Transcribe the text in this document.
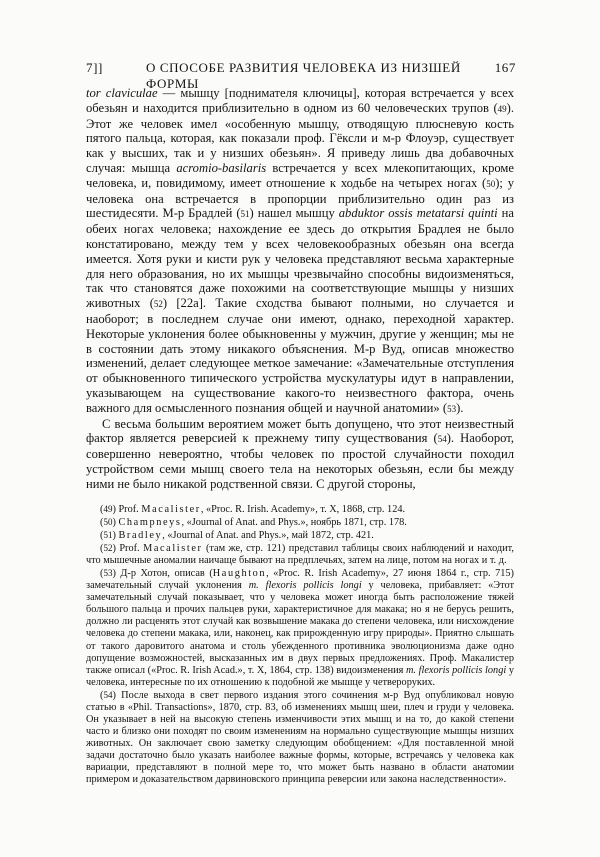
7]]	О СПОСОБЕ РАЗВИТИЯ ЧЕЛОВЕКА ИЗ НИЗШЕЙ ФОРМЫ
167

tor claviculae — мышцу [поднимателя ключицы], которая встречается у всех обезьян и находится приблизительно в одном из 60 человеческих трупов (49). Этот же человек имел «особенную мышцу, отводящую плюсневую кость пятого пальца, которая, как показали проф. Гёксли и м-р Флоуэр, существует как у высших, так и у низших обезьян». Я приведу лишь два добавочных случая: мышца acromio-basilaris встречается у всех млекопитающих, кроме человека, и, повидимому, имеет отношение к ходьбе на четырех ногах (50); у человека она встречается в пропорции приблизительно один раз из шестидесяти. М-р Брадлей (51) нашел мышцу abduktor ossis metatarsi quinti на обеих ногах человека; нахождение ее здесь до открытия Брадлея не было констатировано, между тем у всех человекообразных обезьян она всегда имеется. Хотя руки и кисти рук у человека представляют весьма характерные для него образования, но их мышцы чрезвычайно способны видоизменяться, так что становятся даже похожими на соответствующие мышцы у низших животных (52) [22а]. Такие сходства бывают полными, но случается и наоборот; в последнем случае они имеют, однако, переходной характер. Некоторые уклонения более обыкновенны у мужчин, другие у женщин; мы не в состоянии дать этому никакого объяснения. М-р Вуд, описав множество изменений, делает следующее меткое замечание: «Замечательные отступления от обыкновенного типического устройства мускулатуры идут в направлении, указывающем на существование какого-то неизвестного фактора, очень важного для осмысленного познания общей и научной анатомии» (53).

С весьма большим вероятием может быть допущено, что этот неизвестный фактор является реверсией к прежнему типу существования (54). Наоборот, совершенно невероятно, чтобы человек по простой случайности походил устройством семи мышц своего тела на некоторых обезьян, если бы между ними не было никакой родственной связи. С другой стороны,

(49) Prof. Macalister, «Proc. R. Irish. Academy», т. X, 1868, стр. 124.

(50) Champneys, «Journal of Anat. and Phys.», ноябрь 1871, стр. 178.

(51) Bradley, «Journal of Anat. and Phys.», май 1872, стр. 421.

(52) Prof. Macalister (там же, стр. 121) представил таблицы своих наблюдений и находит, что мышечные аномалии наичаще бывают на предплечьях, затем на лице, потом на ногах и т. д.

(53) Д-р Хотон, описав (Haughton, «Proc. R. Irish Academy», 27 июня 1864 г., стр. 715) замечательный случай уклонения m. flexoris pollicis longi у человека, прибавляет: «Этот замечательный случай показывает, что у человека может иногда быть расположение тяжей большого пальца и прочих пальцев руки, характеристичное для макака; но я не берусь решить, должно ли расценять этот случай как возвышение макака до степени человека, или нисхождение человека до степени макака, или, наконец, как прирожденную игру природы». Приятно слышать от такого даровитого анатома и столь убежденного противника эволюционизма даже одно допущение возможностей, высказанных им в двух первых предложениях. Проф. Макалистер также описал («Proc. R. Irish Acad.», т. X, 1864, стр. 138) видоизменения m. flexoris pollicis longi у человека, интересные по их отношению к подобной же мышце у четвероруких.

(54) После выхода в свет первого издания этого сочинения м-р Вуд опубликовал новую статью в «Phil. Transactions», 1870, стр. 83, об изменениях мышц шеи, плеч и груди у человека. Он указывает в ней на высокую степень изменчивости этих мышц и на то, до какой степени часто и близко они походят по своим изменениям на нормально существующие мышцы низших животных. Он заключает свою заметку следующим обобщением: «Для поставленной мной задачи достаточно было указать наиболее важные формы, которые, встречаясь у человека как вариации, представляют в полной мере то, что может быть названо в области анатомии примером и доказательством дарвиновского принципа реверсии или закона наследственности».
